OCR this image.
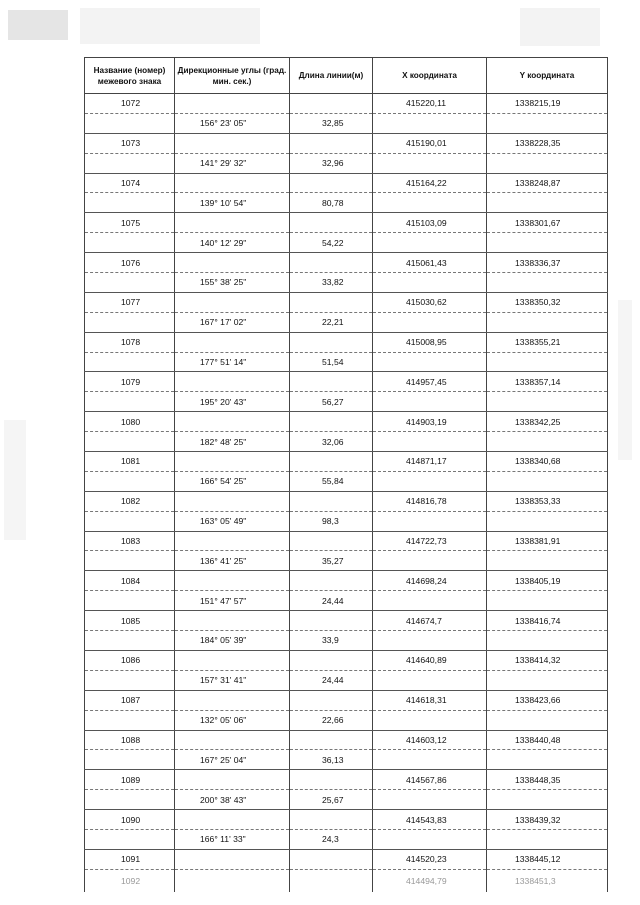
Название (номер) межевого знака	Дирекционные углы (град. мин. сек.)	Длина линии(м)	X координата	Y координата
1072			415220,11	1338215,19
	156° 23' 05"	32,85		
1073			415190,01	1338228,35
	141° 29' 32"	32,96		
1074			415164,22	1338248,87
	139° 10' 54"	80,78		
1075			415103,09	1338301,67
	140° 12' 29"	54,22		
1076			415061,43	1338336,37
	155° 38' 25"	33,82		
1077			415030,62	1338350,32
	167° 17' 02"	22,21		
1078			415008,95	1338355,21
	177° 51' 14"	51,54		
1079			414957,45	1338357,14
	195° 20' 43"	56,27		
1080			414903,19	1338342,25
	182° 48' 25"	32,06		
1081			414871,17	1338340,68
	166° 54' 25"	55,84		
1082			414816,78	1338353,33
	163° 05' 49"	98,3		
1083			414722,73	1338381,91
	136° 41' 25"	35,27		
1084			414698,24	1338405,19
	151° 47' 57"	24,44		
1085			414674,7	1338416,74
	184° 05' 39"	33,9		
1086			414640,89	1338414,32
	157° 31' 41"	24,44		
1087			414618,31	1338423,66
	132° 05' 06"	22,66		
1088			414603,12	1338440,48
	167° 25' 04"	36,13		
1089			414567,86	1338448,35
	200° 38' 43"	25,67		
1090			414543,83	1338439,32
	166° 11' 33"	24,3		
1091			414520,23	1338445,12
1092			414494,79	1338451,3
